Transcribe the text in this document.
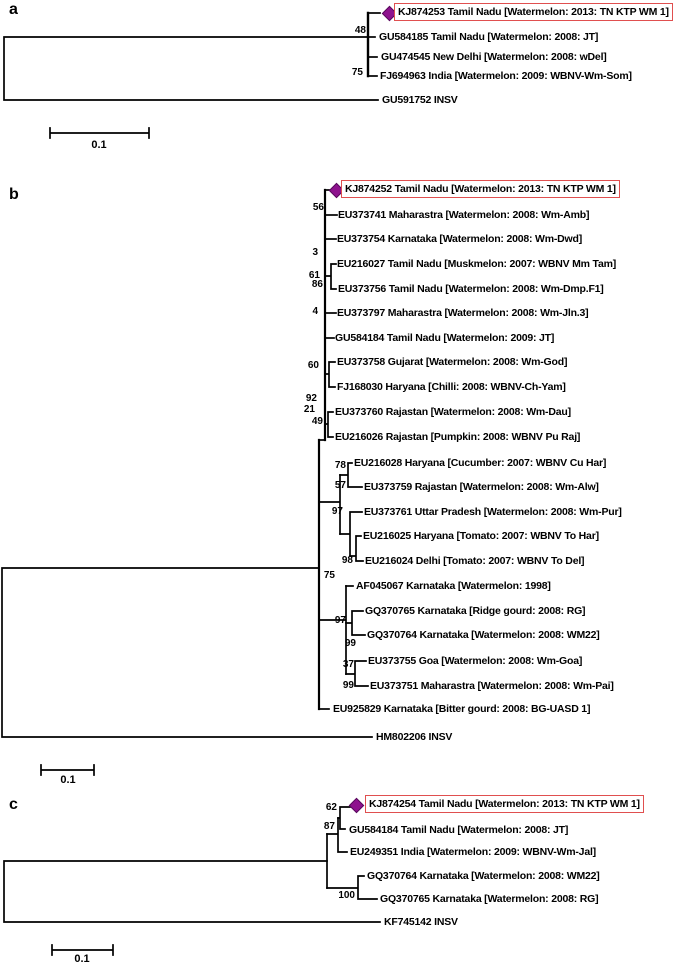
a	KJ874253 Tamil Nadu [Watermelon: 2013: TN KTP WM 1]
GU584185 Tamil Nadu [Watermelon: 2008: JT]
GU474545 New Delhi [Watermelon: 2008: wDel]
FJ694963 India [Watermelon: 2009: WBNV-Wm-Som]
GU591752 INSV
48
75
0.1
b	KJ874252 Tamil Nadu [Watermelon: 2013: TN KTP WM 1]
EU373741 Maharastra [Watermelon: 2008: Wm-Amb]
EU373754 Karnataka [Watermelon: 2008: Wm-Dwd]
EU216027 Tamil Nadu [Muskmelon: 2007: WBNV Mm Tam]
EU373756 Tamil Nadu [Watermelon: 2008: Wm-Dmp.F1]
EU373797 Maharastra [Watermelon: 2008: Wm-Jln.3]
GU584184 Tamil Nadu [Watermelon: 2009: JT]
EU373758 Gujarat [Watermelon: 2008: Wm-God]
FJ168030 Haryana [Chilli: 2008: WBNV-Ch-Yam]
EU373760 Rajastan [Watermelon: 2008: Wm-Dau]
EU216026 Rajastan [Pumpkin: 2008: WBNV Pu Raj]
EU216028 Haryana [Cucumber: 2007: WBNV Cu Har]
EU373759 Rajastan [Watermelon: 2008: Wm-Alw]
EU373761 Uttar Pradesh [Watermelon: 2008: Wm-Pur]
EU216025 Haryana [Tomato: 2007: WBNV To Har]
EU216024 Delhi [Tomato: 2007: WBNV To Del]
AF045067 Karnataka [Watermelon: 1998]
GQ370765 Karnataka [Ridge gourd: 2008: RG]
GQ370764 Karnataka [Watermelon: 2008: WM22]
EU373755 Goa [Watermelon: 2008: Wm-Goa]
EU373751 Maharastra [Watermelon: 2008: Wm-Pai]
EU925829 Karnataka [Bitter gourd: 2008: BG-UASD 1]
HM802206 INSV
56
3
61
86
4
60
92
21
49
78
57
97
98
75
97
99
37
99
0.1
c	KJ874254 Tamil Nadu [Watermelon: 2013: TN KTP WM 1]
GU584184 Tamil Nadu [Watermelon: 2008: JT]
EU249351 India [Watermelon: 2009: WBNV-Wm-Jal]
GQ370764 Karnataka [Watermelon: 2008: WM22]
GQ370765 Karnataka [Watermelon: 2008: RG]
KF745142 INSV
62
87
100
0.1
